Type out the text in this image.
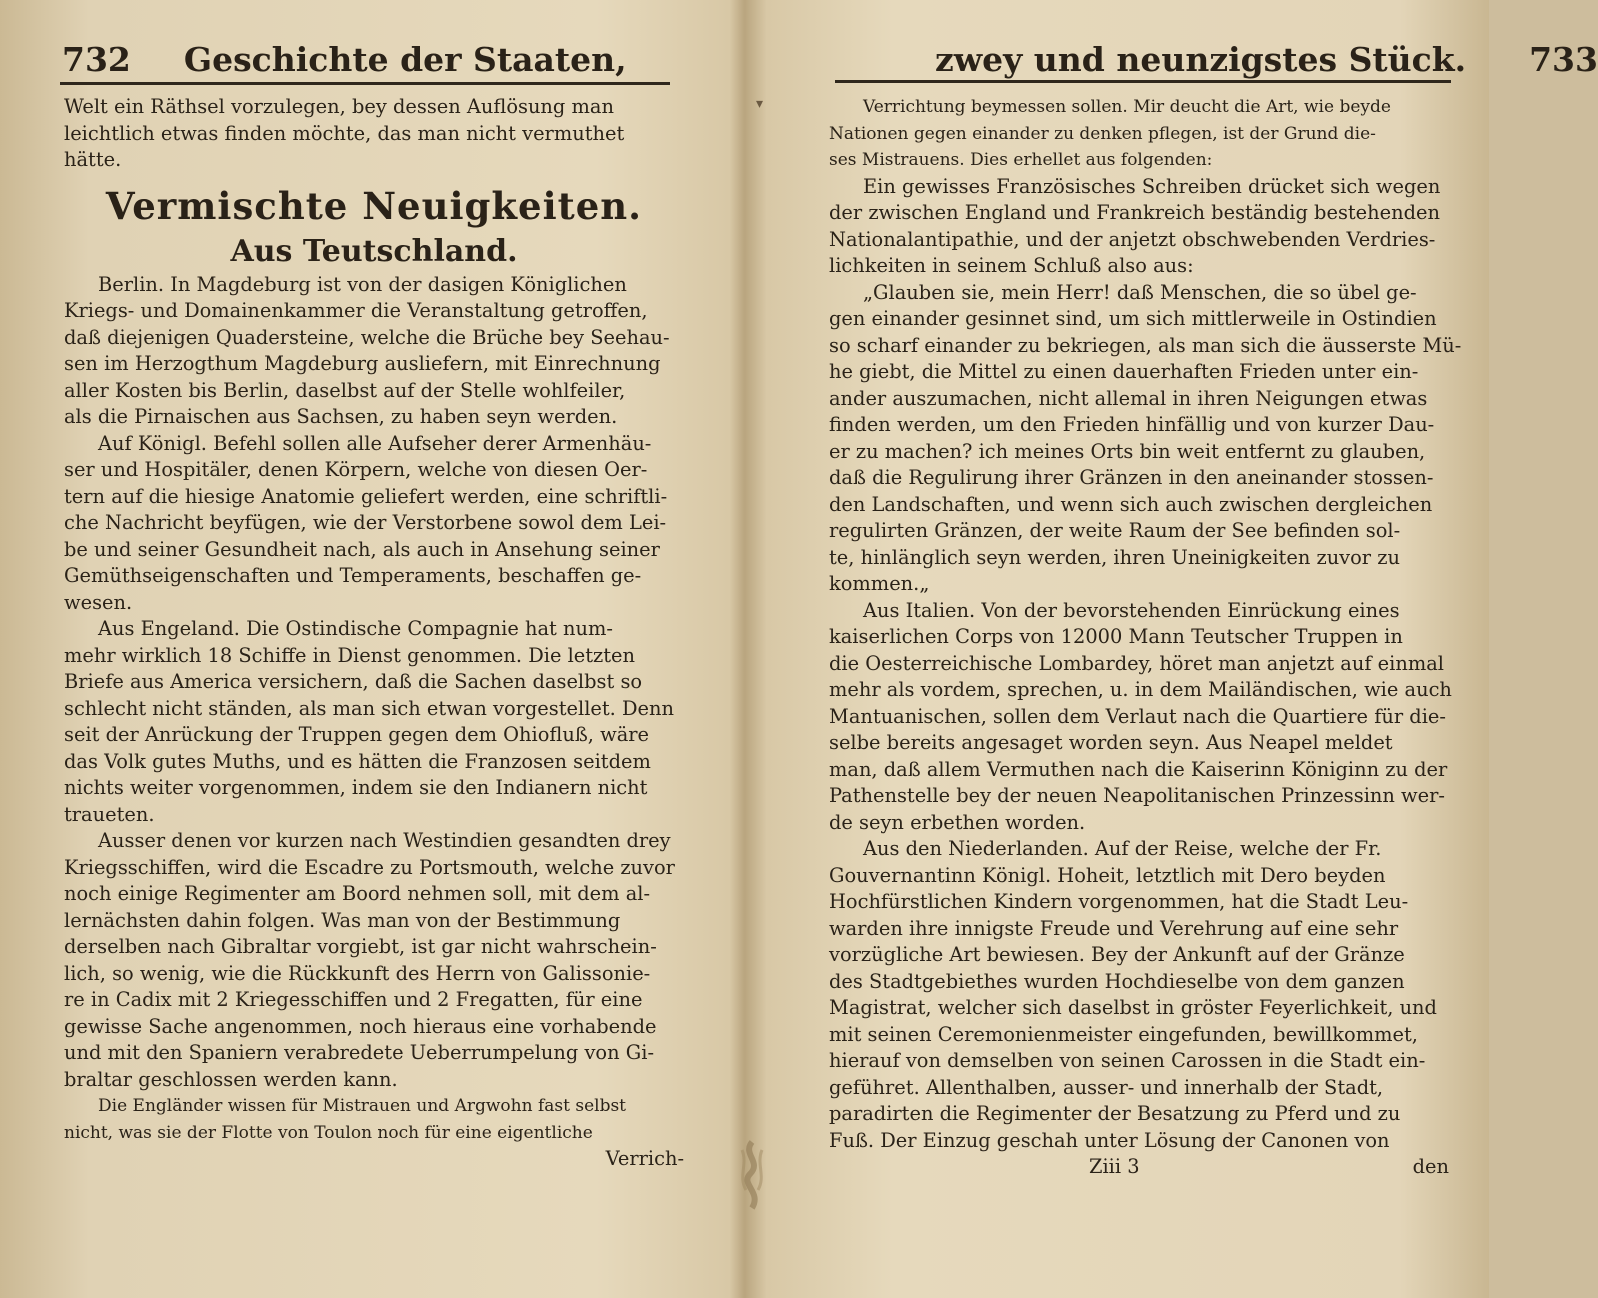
732 Geschichte der Staaten,
Welt ein Räthsel vorzulegen, bey dessen Auflösung man
leichtlich etwas finden möchte, das man nicht vermuthet
hätte.
Vermischte Neuigkeiten.
Aus Teutschland.
Berlin. In Magdeburg ist von der dasigen Königlichen
Kriegs- und Domainenkammer die Veranstaltung getroffen,
daß diejenigen Quadersteine, welche die Brüche bey Seehau-
sen im Herzogthum Magdeburg ausliefern, mit Einrechnung
aller Kosten bis Berlin, daselbst auf der Stelle wohlfeiler,
als die Pirnaischen aus Sachsen, zu haben seyn werden.
Auf Königl. Befehl sollen alle Aufseher derer Armenhäu-
ser und Hospitäler, denen Körpern, welche von diesen Oer-
tern auf die hiesige Anatomie geliefert werden, eine schriftli-
che Nachricht beyfügen, wie der Verstorbene sowol dem Lei-
be und seiner Gesundheit nach, als auch in Ansehung seiner
Gemüthseigenschaften und Temperaments, beschaffen ge-
wesen.
Aus Engeland. Die Ostindische Compagnie hat num-
mehr wirklich 18 Schiffe in Dienst genommen. Die letzten
Briefe aus America versichern, daß die Sachen daselbst so
schlecht nicht ständen, als man sich etwan vorgestellet. Denn
seit der Anrückung der Truppen gegen dem Ohiofluß, wäre
das Volk gutes Muths, und es hätten die Franzosen seitdem
nichts weiter vorgenommen, indem sie den Indianern nicht
traueten.
Ausser denen vor kurzen nach Westindien gesandten drey
Kriegsschiffen, wird die Escadre zu Portsmouth, welche zuvor
noch einige Regimenter am Boord nehmen soll, mit dem al-
lernächsten dahin folgen. Was man von der Bestimmung
derselben nach Gibraltar vorgiebt, ist gar nicht wahrschein-
lich, so wenig, wie die Rückkunft des Herrn von Galissonie-
re in Cadix mit 2 Kriegesschiffen und 2 Fregatten, für eine
gewisse Sache angenommen, noch hieraus eine vorhabende
und mit den Spaniern verabredete Ueberrumpelung von Gi-
braltar geschlossen werden kann.
Die Engländer wissen für Mistrauen und Argwohn fast selbst
nicht, was sie der Flotte von Toulon noch für eine eigentliche
Verrich-
zwey und neunzigstes Stück. 733
Verrichtung beymessen sollen. Mir deucht die Art, wie beyde
Nationen gegen einander zu denken pflegen, ist der Grund die-
ses Mistrauens. Dies erhellet aus folgenden:
Ein gewisses Französisches Schreiben drücket sich wegen
der zwischen England und Frankreich beständig bestehenden
Nationalantipathie, und der anjetzt obschwebenden Verdries-
lichkeiten in seinem Schluß also aus:
„Glauben sie, mein Herr! daß Menschen, die so übel ge-
gen einander gesinnet sind, um sich mittlerweile in Ostindien
so scharf einander zu bekriegen, als man sich die äusserste Mü-
he giebt, die Mittel zu einen dauerhaften Frieden unter ein-
ander auszumachen, nicht allemal in ihren Neigungen etwas
finden werden, um den Frieden hinfällig und von kurzer Dau-
er zu machen? ich meines Orts bin weit entfernt zu glauben,
daß die Regulirung ihrer Gränzen in den aneinander stossen-
den Landschaften, und wenn sich auch zwischen dergleichen
regulirten Gränzen, der weite Raum der See befinden sol-
te, hinlänglich seyn werden, ihren Uneinigkeiten zuvor zu
kommen.„
Aus Italien. Von der bevorstehenden Einrückung eines
kaiserlichen Corps von 12000 Mann Teutscher Truppen in
die Oesterreichische Lombardey, höret man anjetzt auf einmal
mehr als vordem, sprechen, u. in dem Mailändischen, wie auch
Mantuanischen, sollen dem Verlaut nach die Quartiere für die-
selbe bereits angesaget worden seyn. Aus Neapel meldet
man, daß allem Vermuthen nach die Kaiserinn Königinn zu der
Pathenstelle bey der neuen Neapolitanischen Prinzessinn wer-
de seyn erbethen worden.
Aus den Niederlanden. Auf der Reise, welche der Fr.
Gouvernantinn Königl. Hoheit, letztlich mit Dero beyden
Hochfürstlichen Kindern vorgenommen, hat die Stadt Leu-
warden ihre innigste Freude und Verehrung auf eine sehr
vorzügliche Art bewiesen. Bey der Ankunft auf der Gränze
des Stadtgebiethes wurden Hochdieselbe von dem ganzen
Magistrat, welcher sich daselbst in gröster Feyerlichkeit, und
mit seinen Ceremonienmeister eingefunden, bewillkommet,
hierauf von demselben von seinen Carossen in die Stadt ein-
geführet. Allenthalben, ausser- und innerhalb der Stadt,
paradirten die Regimenter der Besatzung zu Pferd und zu
Fuß. Der Einzug geschah unter Lösung der Canonen von
Ziii 3	den
▾
